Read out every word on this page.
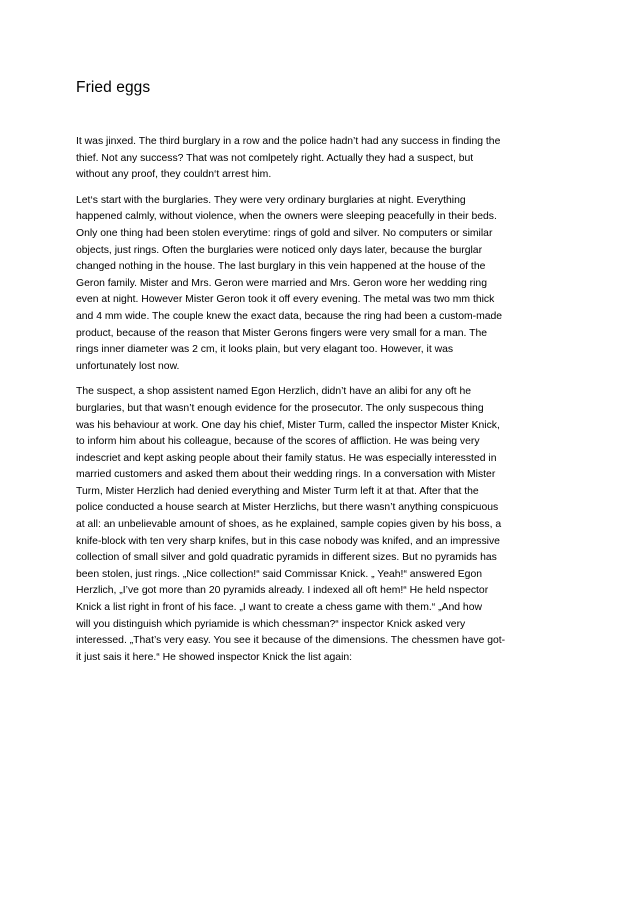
Fried eggs

It was jinxed. The third burglary in a row and the police hadn’t had any success in finding the
thief. Not any success? That was not comlpetely right. Actually they had a suspect, but
without any proof, they couldn‘t arrest him.

Let‘s start with the burglaries. They were very ordinary burglaries at night. Everything
happened calmly, without violence, when the owners were sleeping peacefully in their beds.
Only one thing had been stolen everytime: rings of gold and silver. No computers or similar
objects, just rings. Often the burglaries were noticed only days later, because the burglar
changed nothing in the house. The last burglary in this vein happened at the house of the
Geron family. Mister and Mrs. Geron were married and Mrs. Geron wore her wedding ring
even at night. However Mister Geron took it off every evening. The metal was two mm thick
and 4 mm wide. The couple knew the exact data, because the ring had been a custom-made
product, because of the reason that Mister Gerons fingers were very small for a man. The
rings inner diameter was 2 cm, it looks plain, but very elagant too. However, it was
unfortunately lost now.

The suspect, a shop assistent named Egon Herzlich, didn’t have an alibi for any oft he
burglaries, but that wasn’t enough evidence for the prosecutor. The only suspecous thing
was his behaviour at work. One day his chief, Mister Turm, called the inspector Mister Knick,
to inform him about his colleague, because of the scores of affliction. He was being very
indescriet and kept asking people about their family status. He was especially interessted in
married customers and asked them about their wedding rings. In a conversation with Mister
Turm, Mister Herzlich had denied everything and Mister Turm left it at that. After that the
police conducted a house search at Mister Herzlichs, but there wasn’t anything conspicuous
at all: an unbelievable amount of shoes, as he explained, sample copies given by his boss, a
knife-block with ten very sharp knifes, but in this case nobody was knifed, and an impressive
collection of small silver and gold quadratic pyramids in different sizes. But no pyramids has
been stolen, just rings. „Nice collection!“ said Commissar Knick. „ Yeah!“ answered Egon
Herzlich, „I’ve got more than 20 pyramids already. I indexed all oft hem!“ He held nspector
Knick a list right in front of his face. „I want to create a chess game with them.“ „And how
will you distinguish which pyriamide is which chessman?“ inspector Knick asked very
interessed. „That’s very easy. You see it because of the dimensions. The chessmen have got-
it just sais it here.“ He showed inspector Knick the list again:
